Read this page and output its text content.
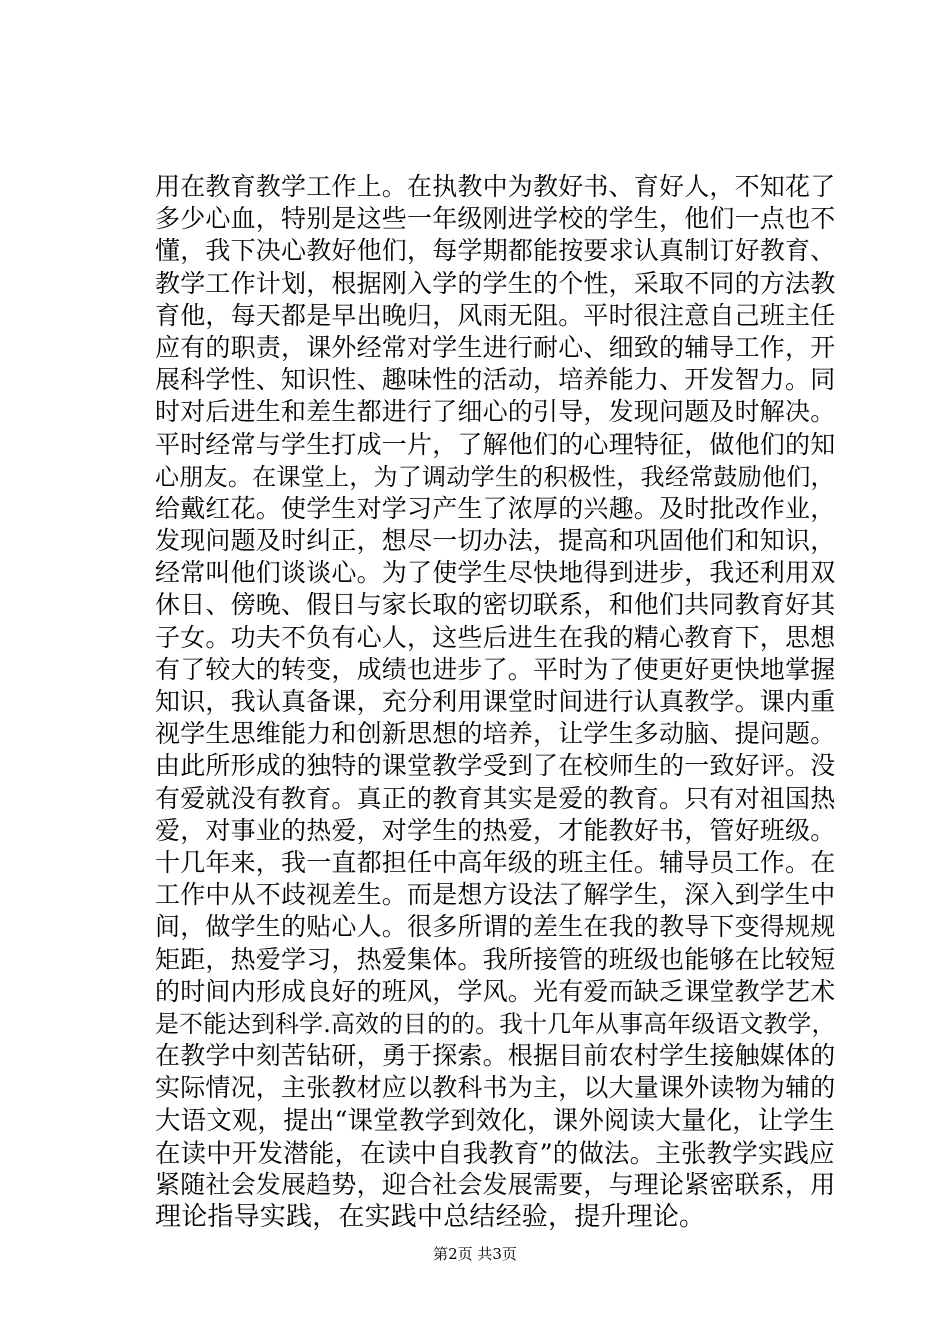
用在教育教学工作上。在执教中为教好书、育好人，不知花了
多少心血，特别是这些一年级刚进学校的学生，他们一点也不
懂，我下决心教好他们，每学期都能按要求认真制订好教育、
教学工作计划，根据刚入学的学生的个性，采取不同的方法教
育他，每天都是早出晚归，风雨无阻。平时很注意自己班主任
应有的职责，课外经常对学生进行耐心、细致的辅导工作，开
展科学性、知识性、趣味性的活动，培养能力、开发智力。同
时对后进生和差生都进行了细心的引导，发现问题及时解决。
平时经常与学生打成一片，了解他们的心理特征，做他们的知
心朋友。在课堂上，为了调动学生的积极性，我经常鼓励他们，
给戴红花。使学生对学习产生了浓厚的兴趣。及时批改作业，
发现问题及时纠正，想尽一切办法，提高和巩固他们和知识，
经常叫他们谈谈心。为了使学生尽快地得到进步，我还利用双
休日、傍晚、假日与家长取的密切联系，和他们共同教育好其
子女。功夫不负有心人，这些后进生在我的精心教育下，思想
有了较大的转变，成绩也进步了。平时为了使更好更快地掌握
知识，我认真备课，充分利用课堂时间进行认真教学。课内重
视学生思维能力和创新思想的培养，让学生多动脑、提问题。
由此所形成的独特的课堂教学受到了在校师生的一致好评。没
有爱就没有教育。真正的教育其实是爱的教育。只有对祖国热
爱，对事业的热爱，对学生的热爱，才能教好书，管好班级。
十几年来，我一直都担任中高年级的班主任。辅导员工作。在
工作中从不歧视差生。而是想方设法了解学生，深入到学生中
间，做学生的贴心人。很多所谓的差生在我的教导下变得规规
矩距，热爱学习，热爱集体。我所接管的班级也能够在比较短
的时间内形成良好的班风，学风。光有爱而缺乏课堂教学艺术
是不能达到科学.高效的目的的。我十几年从事高年级语文教学，
在教学中刻苦钻研，勇于探索。根据目前农村学生接触媒体的
实际情况，主张教材应以教科书为主，以大量课外读物为辅的
大语文观，提出“课堂教学到效化，课外阅读大量化，让学生
在读中开发潜能，在读中自我教育”的做法。主张教学实践应
紧随社会发展趋势，迎合社会发展需要，与理论紧密联系，用
理论指导实践，在实践中总结经验，提升理论。
第2页 共3页
